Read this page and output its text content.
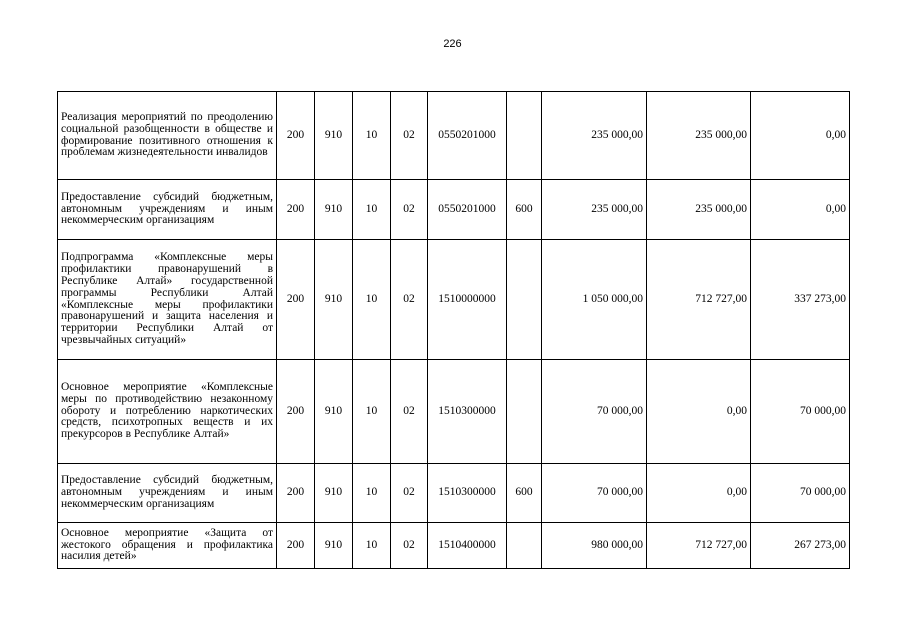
226
Реализация мероприятий по преодолению социальной разобщенности в обществе и формирование позитивного отношения к проблемам жизнедеятельности инвалидов	200	910	10	02	0550201000		235 000,00	235 000,00	0,00
Предоставление субсидий бюджетным, автономным учреждениям и иным некоммерческим организациям	200	910	10	02	0550201000	600	235 000,00	235 000,00	0,00
Подпрограмма «Комплексные меры профилактики правонарушений в Республике Алтай» государственной программы Республики Алтай «Комплексные меры профилактики правонарушений и защита населения и территории Республики Алтай от чрезвычайных ситуаций»	200	910	10	02	1510000000		1 050 000,00	712 727,00	337 273,00
Основное мероприятие «Комплексные меры по противодействию незаконному обороту и потреблению наркотических средств, психотропных веществ и их прекурсоров в Республике Алтай»	200	910	10	02	1510300000		70 000,00	0,00	70 000,00
Предоставление субсидий бюджетным, автономным учреждениям и иным некоммерческим организациям	200	910	10	02	1510300000	600	70 000,00	0,00	70 000,00
Основное мероприятие «Защита от жестокого обращения и профилактика насилия детей»	200	910	10	02	1510400000		980 000,00	712 727,00	267 273,00
